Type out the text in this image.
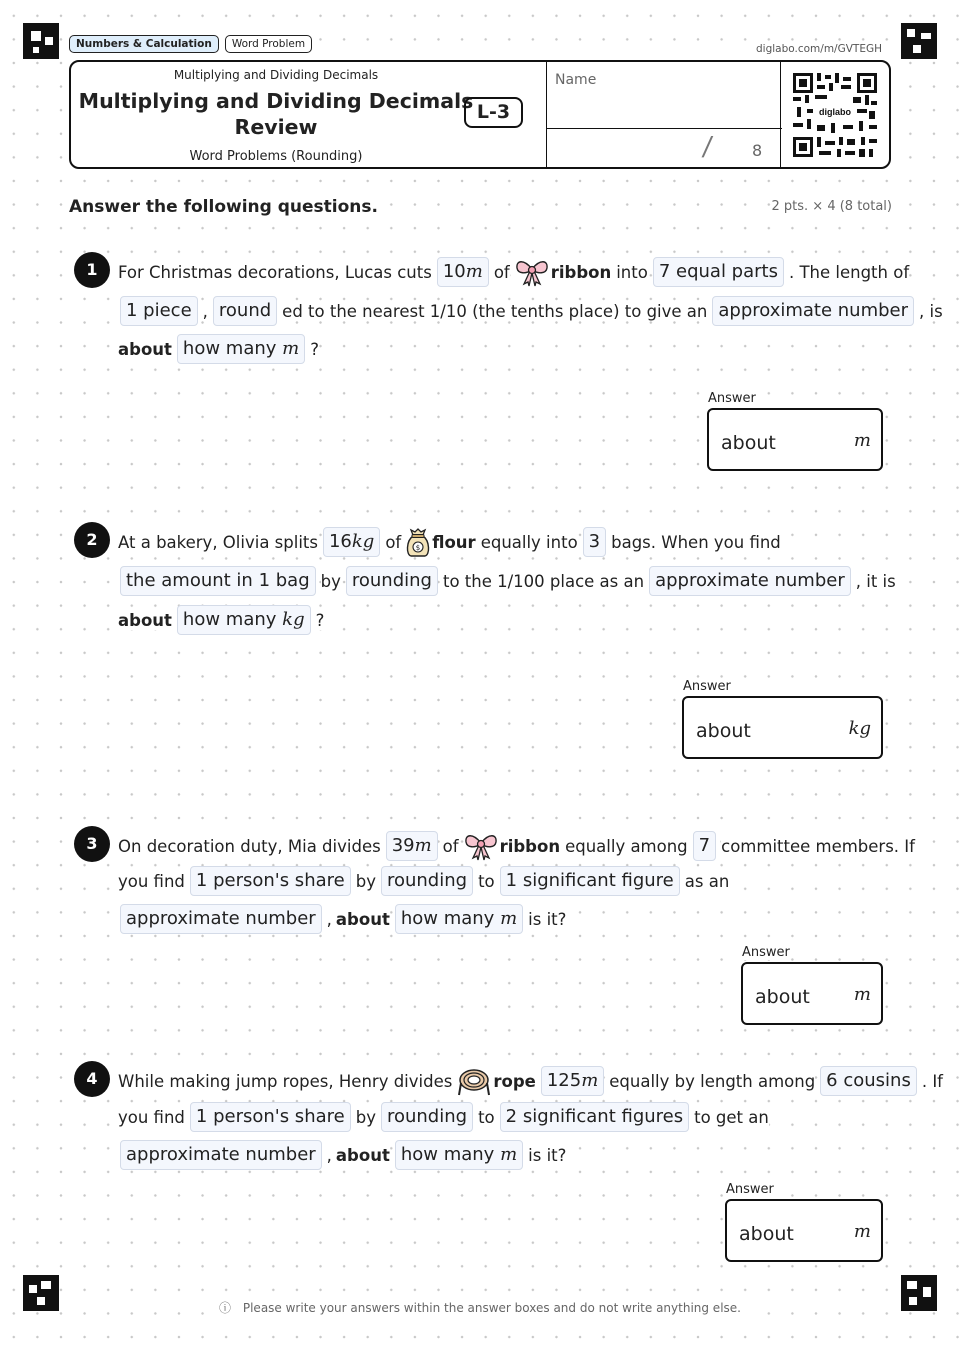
Numbers & Calculation	Word Problem	diglabo.com/m/GVTEGH
Multiplying and Dividing Decimals
Multiplying and Dividing Decimals
Review
Word Problems (Rounding)
L-3
Name
/ 8
diglabo
Answer the following questions.	2 pts. × 4 (8 total)
1	For Christmas decorations, Lucas cuts 10m of ribbon into 7 equal parts . The length of
1 piece , round ed to the nearest 1/10 (the tenths place) to give an approximate number , is
about how many m ?
Answer
about	m
2	At a bakery, Olivia splits 16kg of $ flour equally into 3 bags. When you find
the amount in 1 bag by rounding to the 1/100 place as an approximate number , it is
about how many kg ?
Answer
about	kg
3	On decoration duty, Mia divides 39m of ribbon equally among 7 committee members. If
you find 1 person's share by rounding to 1 significant figure as an
approximate number , about how many m is it?
Answer
about m
4	While making jump ropes, Henry divides rope 125m equally by length among 6 cousins . If
you find 1 person's share by rounding to 2 significant figures to get an
approximate number , about how many m is it?
Answer
about	m
ⓘ Please write your answers within the answer boxes and do not write anything else.
